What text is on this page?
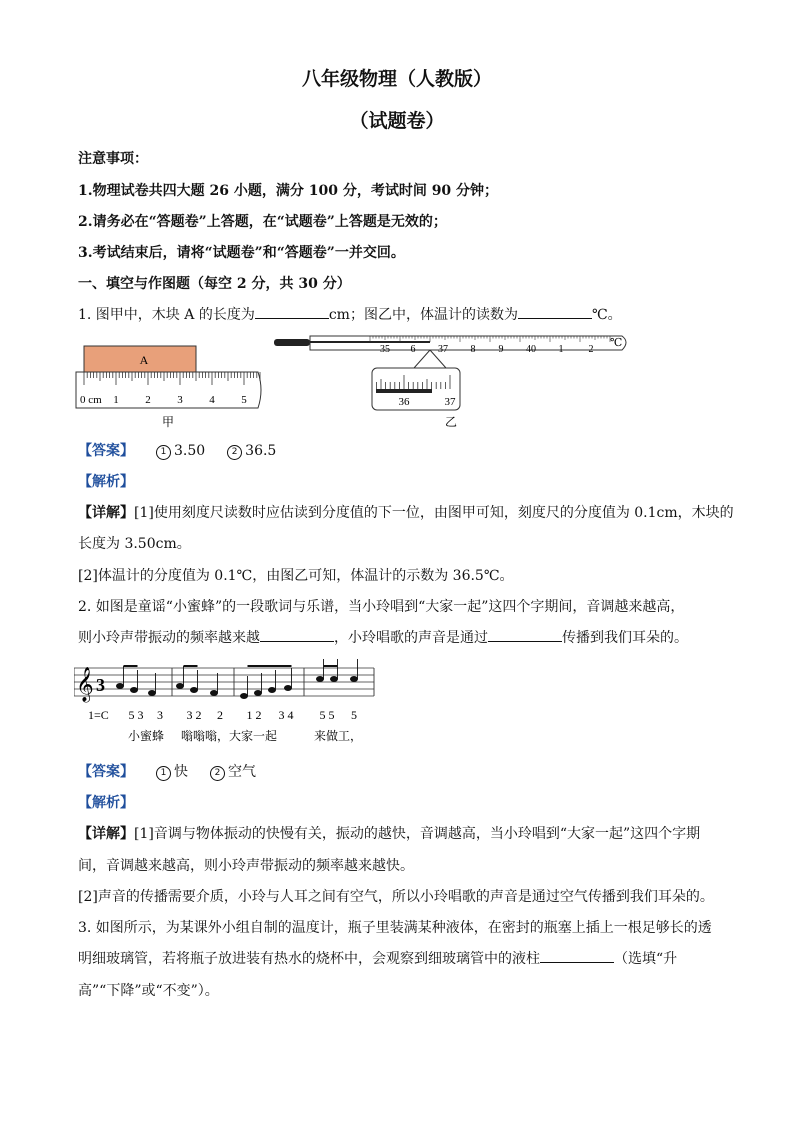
八年级物理（人教版）
（试题卷）
注意事项：
1.物理试卷共四大题 26 小题，满分 100 分，考试时间 90 分钟；
2.请务必在“答题卷”上答题，在“试题卷”上答题是无效的；
3.考试结束后，请将“试题卷”和“答题卷”一并交回。
一、填空与作图题（每空 2 分，共 30 分）
1. 图甲中，木块 A 的长度为	cm；图乙中，体温计的读数为	℃。
A
0 cm 1 2 3 4 5
甲
35 6 37 8 9 40 1	2
℃
36	37
乙
【答案】	1 3.50	2 36.5
【解析】
【详解】[1]使用刻度尺读数时应估读到分度值的下一位，由图甲可知，刻度尺的分度值为 0.1cm，木块的
长度为 3.50cm。
[2]体温计的分度值为 0.1℃，由图乙可知，体温计的示数为 36.5℃。
2. 如图是童谣“小蜜蜂”的一段歌词与乐谱，当小玲唱到“大家一起”这四个字期间，音调越来越高，
则小玲声带振动的频率越来越	，小玲唱歌的声音是通过	传播到我们耳朵的。
𝄞 3
1=C 5 3 3 3 2 2 1 2 3 4 5 5 5
小蜜蜂 嗡嗡嗡，大家一起	来做工，
【答案】	1 快	2 空气
【解析】
【详解】[1]音调与物体振动的快慢有关，振动的越快，音调越高，当小玲唱到“大家一起”这四个字期
间，音调越来越高，则小玲声带振动的频率越来越快。
[2]声音的传播需要介质，小玲与人耳之间有空气，所以小玲唱歌的声音是通过空气传播到我们耳朵的。
3. 如图所示，为某课外小组自制的温度计，瓶子里装满某种液体，在密封的瓶塞上插上一根足够长的透
明细玻璃管，若将瓶子放进装有热水的烧杯中，会观察到细玻璃管中的液柱	（选填“升
高”“下降”或“不变”）。
